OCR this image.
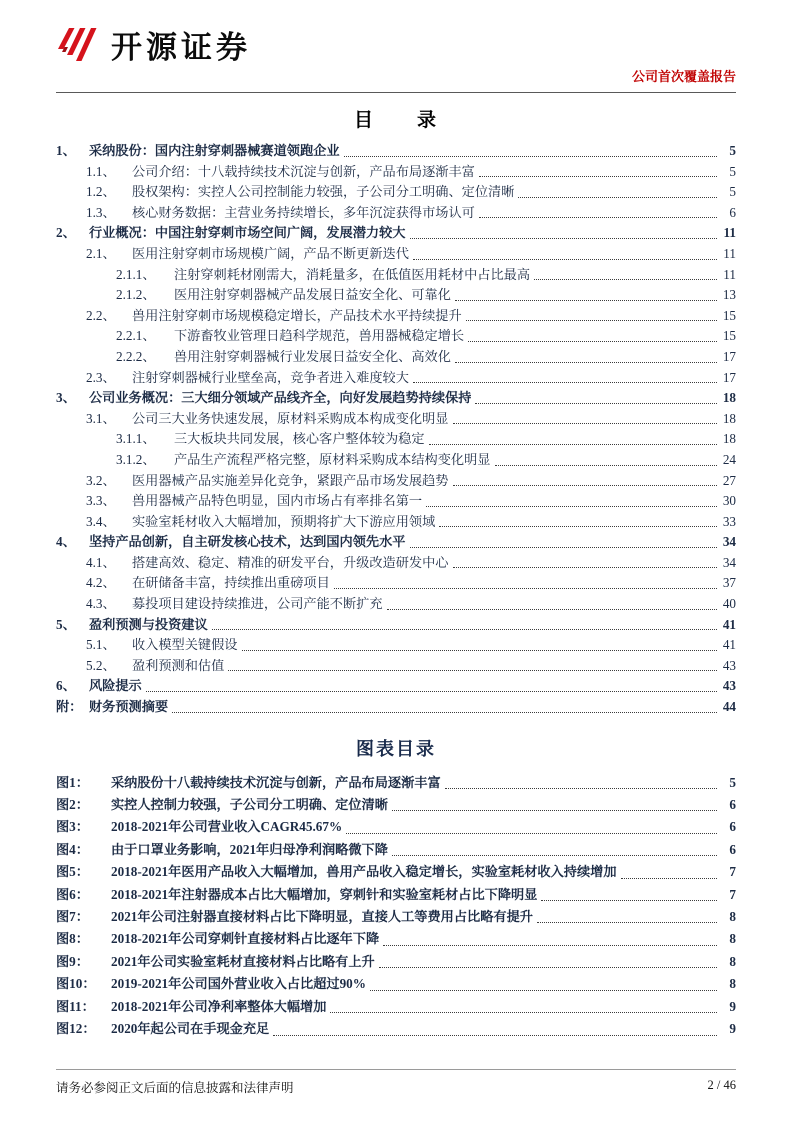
开源证券
公司首次覆盖报告
目　　录
1、	采纳股份：国内注射穿刺器械赛道领跑企业	5
1.1、	公司介绍：十八载持续技术沉淀与创新，产品布局逐渐丰富	5
1.2、	股权架构：实控人公司控制能力较强，子公司分工明确、定位清晰	5
1.3、	核心财务数据：主营业务持续增长，多年沉淀获得市场认可	6
2、	行业概况：中国注射穿刺市场空间广阔，发展潜力较大	11
2.1、	医用注射穿刺市场规模广阔，产品不断更新迭代	11
2.1.1、	注射穿刺耗材刚需大，消耗量多，在低值医用耗材中占比最高	11
2.1.2、	医用注射穿刺器械产品发展日益安全化、可靠化	13
2.2、	兽用注射穿刺市场规模稳定增长，产品技术水平持续提升	15
2.2.1、	下游畜牧业管理日趋科学规范，兽用器械稳定增长	15
2.2.2、	兽用注射穿刺器械行业发展日益安全化、高效化	17
2.3、	注射穿刺器械行业壁垒高，竞争者进入难度较大	17
3、	公司业务概况：三大细分领域产品线齐全，向好发展趋势持续保持	18
3.1、	公司三大业务快速发展，原材料采购成本构成变化明显	18
3.1.1、	三大板块共同发展，核心客户整体较为稳定	18
3.1.2、	产品生产流程严格完整，原材料采购成本结构变化明显	24
3.2、	医用器械产品实施差异化竞争，紧跟产品市场发展趋势	27
3.3、	兽用器械产品特色明显，国内市场占有率排名第一	30
3.4、	实验室耗材收入大幅增加，预期将扩大下游应用领域	33
4、	坚持产品创新，自主研发核心技术，达到国内领先水平	34
4.1、	搭建高效、稳定、精准的研发平台，升级改造研发中心	34
4.2、	在研储备丰富，持续推出重磅项目	37
4.3、	募投项目建设持续推进，公司产能不断扩充	40
5、	盈利预测与投资建议	41
5.1、	收入模型关键假设	41
5.2、	盈利预测和估值	43
6、	风险提示	43
附： 财务预测摘要	44
图表目录
图1：	采纳股份十八载持续技术沉淀与创新，产品布局逐渐丰富	5
图2：	实控人控制力较强，子公司分工明确、定位清晰	6
图3：	2018-2021年公司营业收入CAGR45.67%	6
图4：	由于口罩业务影响，2021年归母净利润略微下降	6
图5：	2018-2021年医用产品收入大幅增加，兽用产品收入稳定增长，实验室耗材收入持续增加	7
图6：	2018-2021年注射器成本占比大幅增加，穿刺针和实验室耗材占比下降明显	7
图7：	2021年公司注射器直接材料占比下降明显，直接人工等费用占比略有提升	8
图8：	2018-2021年公司穿刺针直接材料占比逐年下降	8
图9：	2021年公司实验室耗材直接材料占比略有上升	8
图10：	2019-2021年公司国外营业收入占比超过90%	8
图11：	2018-2021年公司净利率整体大幅增加	9
图12：	2020年起公司在手现金充足	9
请务必参阅正文后面的信息披露和法律声明	2 / 46
